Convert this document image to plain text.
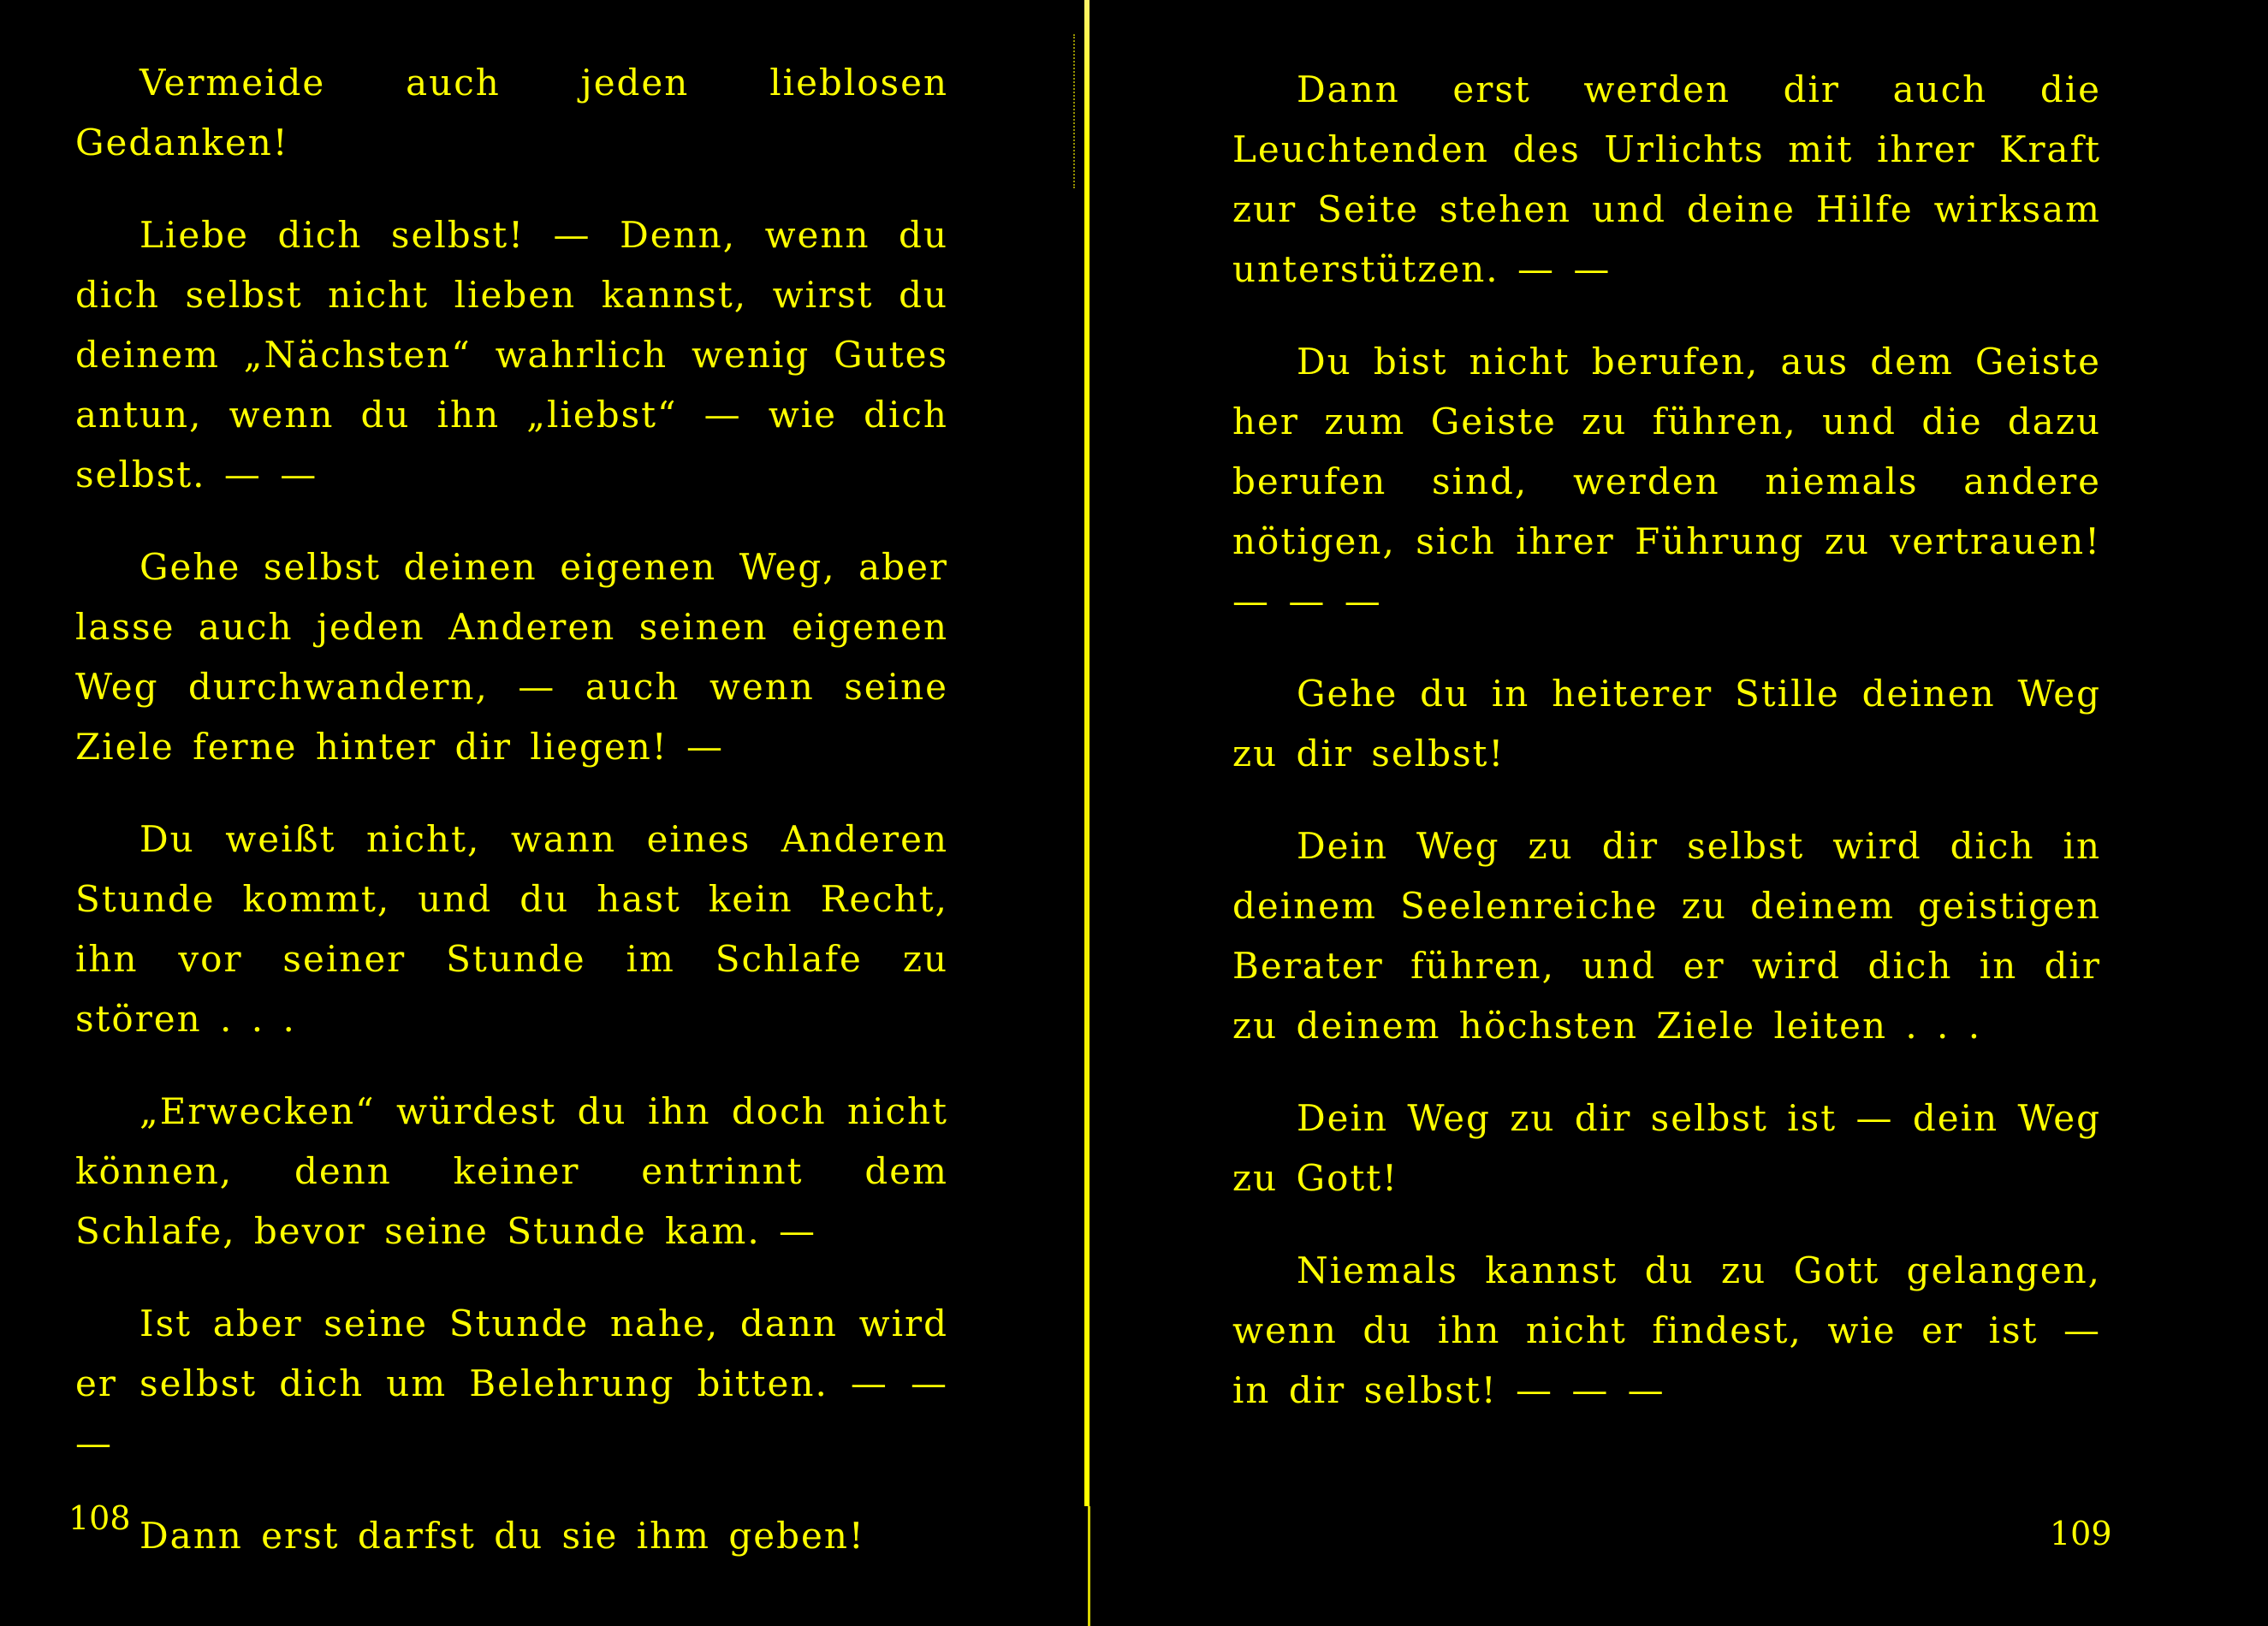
Vermeide auch jeden lieblosen Gedanken!

Liebe dich selbst! — Denn, wenn du dich selbst nicht lieben kannst, wirst du deinem „Nächsten“ wahrlich wenig Gutes antun, wenn du ihn „liebst“ — wie dich selbst. — —

Gehe selbst deinen eigenen Weg, aber lasse auch jeden Anderen seinen eigenen Weg durchwandern, — auch wenn seine Ziele ferne hinter dir liegen! —

Du weißt nicht, wann eines Anderen Stunde kommt, und du hast kein Recht, ihn vor seiner Stunde im Schlafe zu stören . . .

„Erwecken“ würdest du ihn doch nicht können, denn keiner entrinnt dem Schlafe, bevor seine Stunde kam. —

Ist aber seine Stunde nahe, dann wird er selbst dich um Belehrung bitten. — — —

Dann erst darfst du sie ihm geben!

108

Dann erst werden dir auch die Leuchtenden des Urlichts mit ihrer Kraft zur Seite stehen und deine Hilfe wirksam unterstützen. — —

Du bist nicht berufen, aus dem Geiste her zum Geiste zu führen, und die dazu berufen sind, werden niemals andere nötigen, sich ihrer Führung zu vertrauen! — — —

Gehe du in heiterer Stille deinen Weg zu dir selbst!

Dein Weg zu dir selbst wird dich in deinem Seelenreiche zu deinem geistigen Berater führen, und er wird dich in dir zu deinem höchsten Ziele leiten . . .

Dein Weg zu dir selbst ist — dein Weg zu Gott!

Niemals kannst du zu Gott gelangen, wenn du ihn nicht findest, wie er ist — in dir selbst! — — —

109
